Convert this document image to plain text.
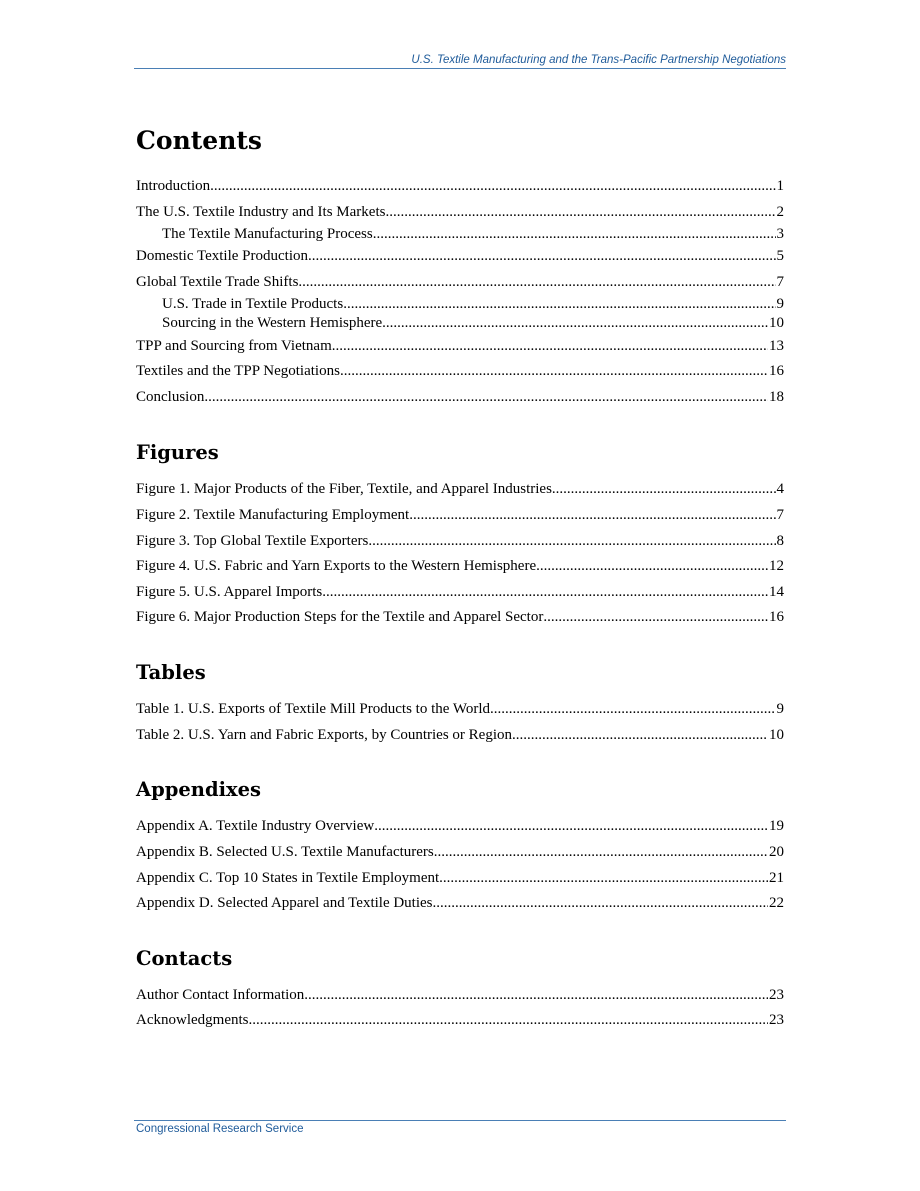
U.S. Textile Manufacturing and the Trans-Pacific Partnership Negotiations
Contents
Introduction .....	1
The U.S. Textile Industry and Its Markets .....	2
The Textile Manufacturing Process .....	3
Domestic Textile Production .....	5
Global Textile Trade Shifts .....	7
U.S. Trade in Textile Products .....	9
Sourcing in the Western Hemisphere .....	10
TPP and Sourcing from Vietnam .....	13
Textiles and the TPP Negotiations .....	16
Conclusion .....	18
Figures
Figure 1. Major Products of the Fiber, Textile, and Apparel Industries .....	4
Figure 2. Textile Manufacturing Employment .....	7
Figure 3. Top Global Textile Exporters .....	8
Figure 4. U.S. Fabric and Yarn Exports to the Western Hemisphere .....	12
Figure 5. U.S. Apparel Imports .....	14
Figure 6. Major Production Steps for the Textile and Apparel Sector .....	16
Tables
Table 1. U.S. Exports of Textile Mill Products to the World .....	9
Table 2. U.S. Yarn and Fabric Exports, by Countries or Region .....	10
Appendixes
Appendix A. Textile Industry Overview .....	19
Appendix B. Selected U.S. Textile Manufacturers .....	20
Appendix C. Top 10 States in Textile Employment .....	21
Appendix D. Selected Apparel and Textile Duties .....	22
Contacts
Author Contact Information .....	23
Acknowledgments .....	23
Congressional Research Service
